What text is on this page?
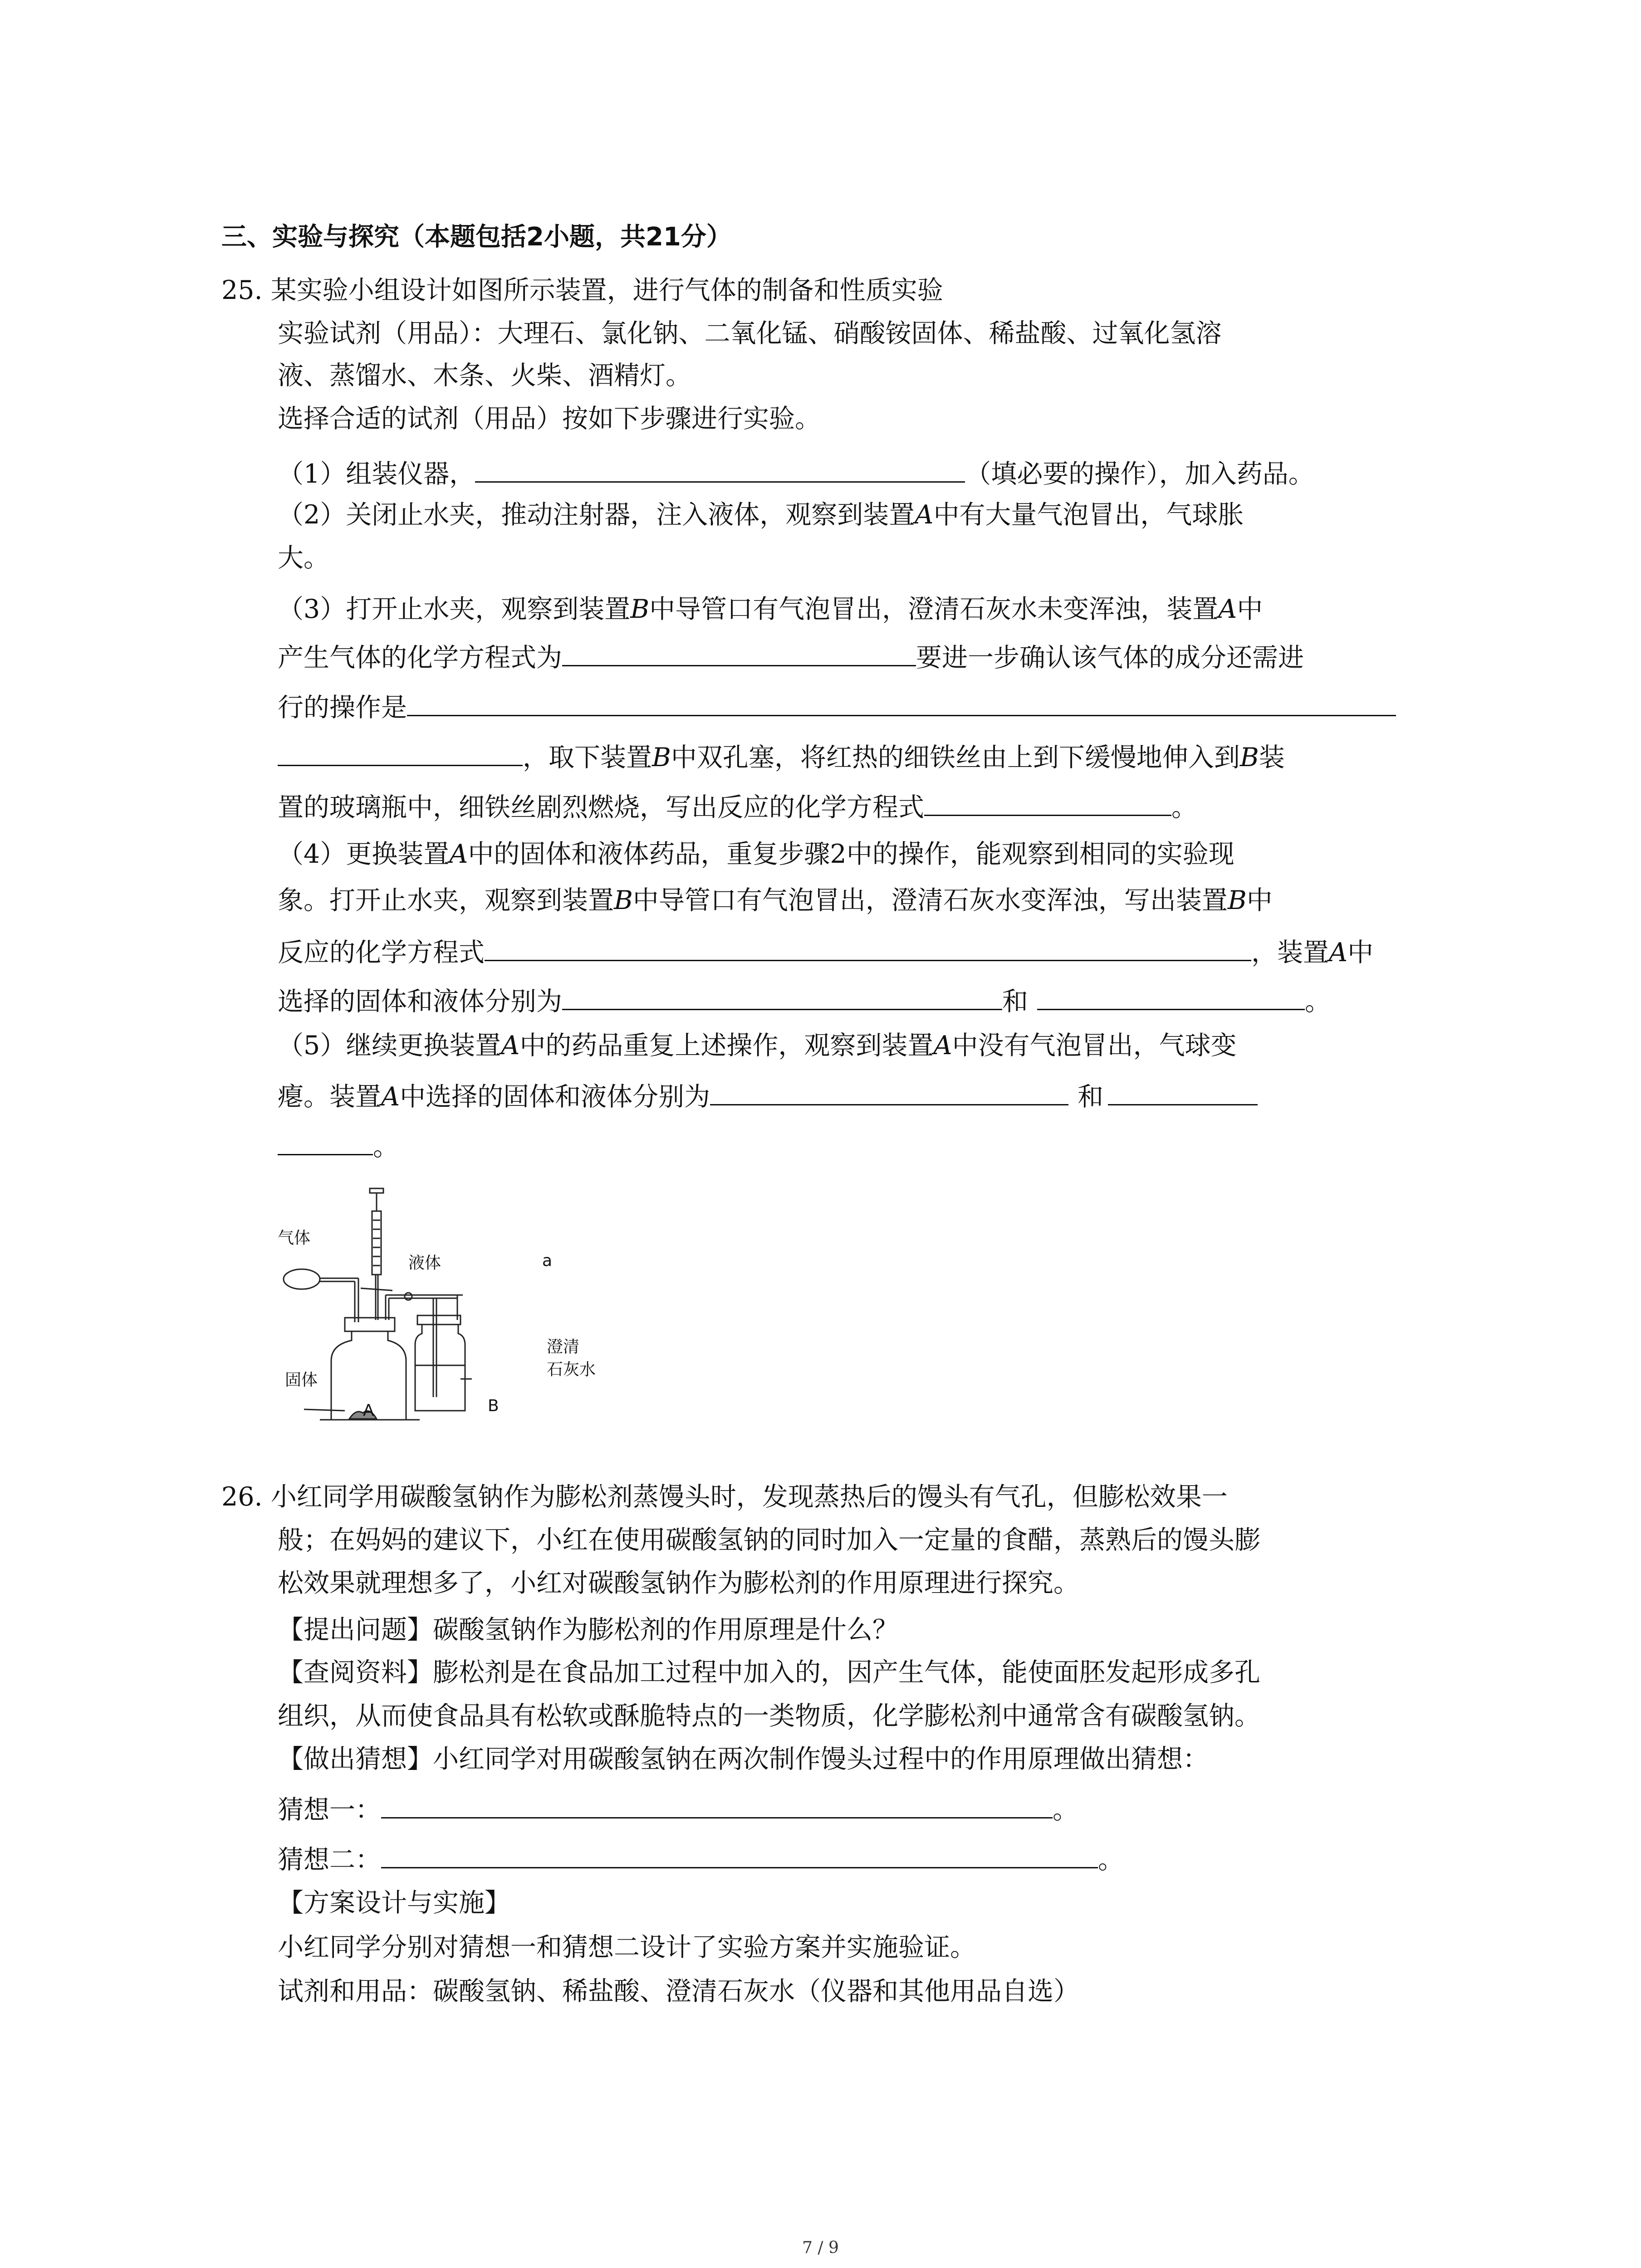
三、实验与探究（本题包括2小题，共21分）
25. 某实验小组设计如图所示装置，进行气体的制备和性质实验
实验试剂（用品）：大理石、氯化钠、二氧化锰、硝酸铵固体、稀盐酸、过氧化氢溶
液、蒸馏水、木条、火柴、酒精灯。
选择合适的试剂（用品）按如下步骤进行实验。
（1）组装仪器，	（填必要的操作），加入药品。
（2）关闭止水夹，推动注射器，注入液体，观察到装置A中有大量气泡冒出，气球胀
大。
（3）打开止水夹，观察到装置B中导管口有气泡冒出，澄清石灰水未变浑浊，装置A中
产生气体的化学方程式为	要进一步确认该气体的成分还需进
行的操作是
，取下装置B中双孔塞，将红热的细铁丝由上到下缓慢地伸入到B装
置的玻璃瓶中，细铁丝剧烈燃烧，写出反应的化学方程式	。
（4）更换装置A中的固体和液体药品，重复步骤2中的操作，能观察到相同的实验现
象。打开止水夹，观察到装置B中导管口有气泡冒出，澄清石灰水变浑浊，写出装置B中
反应的化学方程式	，装置A中
选择的固体和液体分别为	和	。
（5）继续更换装置A中的药品重复上述操作，观察到装置A中没有气泡冒出，气球变
瘪。装置A中选择的固体和液体分别为	和
。
气体
液体	a
固体
澄清
石灰水
A	B
26. 小红同学用碳酸氢钠作为膨松剂蒸馒头时，发现蒸热后的馒头有气孔，但膨松效果一
般；在妈妈的建议下，小红在使用碳酸氢钠的同时加入一定量的食醋，蒸熟后的馒头膨
松效果就理想多了，小红对碳酸氢钠作为膨松剂的作用原理进行探究。
【提出问题】碳酸氢钠作为膨松剂的作用原理是什么？
【查阅资料】膨松剂是在食品加工过程中加入的，因产生气体，能使面胚发起形成多孔
组织，从而使食品具有松软或酥脆特点的一类物质，化学膨松剂中通常含有碳酸氢钠。
【做出猜想】小红同学对用碳酸氢钠在两次制作馒头过程中的作用原理做出猜想：
猜想一：	。
猜想二：	。
【方案设计与实施】
小红同学分别对猜想一和猜想二设计了实验方案并实施验证。
试剂和用品：碳酸氢钠、稀盐酸、澄清石灰水（仪器和其他用品自选）
7 / 9
